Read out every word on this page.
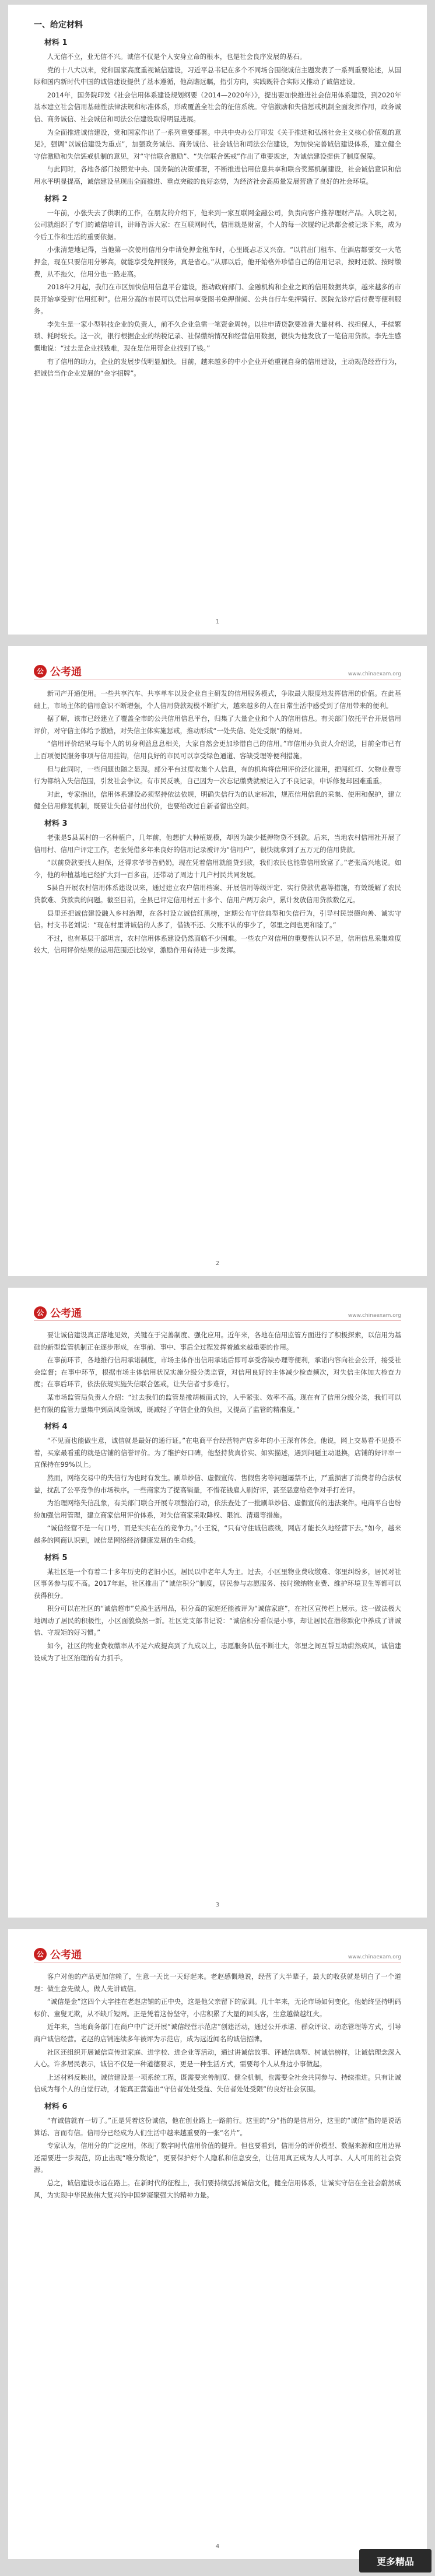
一、给定材料
材料 1

人无信不立，业无信不兴。诚信不仅是个人安身立命的根本，也是社会良序发展的基石。

党的十八大以来，党和国家高度重视诚信建设，习近平总书记在多个不同场合围绕诚信主题发表了一系列重要论述，从国际和国内新时代中国的诚信建设提供了基本遵循，他高瞻远瞩，指引方向，实践既符合实际又推动了诚信建设。

2014年，国务院印发《社会信用体系建设规划纲要（2014—2020年）》，提出要加快推进社会信用体系建设，到2020年基本建立社会信用基础性法律法规和标准体系，形成覆盖全社会的征信系统。守信激励和失信惩戒机制全面发挥作用，政务诚信、商务诚信、社会诚信和司法公信建设取得明显进展。

为全面推进诚信建设，党和国家作出了一系列重要部署。中共中央办公厅印发《关于推进和弘扬社会主义核心价值观的意见》，强调“以诚信建设为重点”，加强政务诚信、商务诚信、社会诚信和司法公信建设，为加快完善诚信建设体系，建立健全守信激励和失信惩戒机制的意见，对“守信联合激励”、“失信联合惩戒”作出了重要规定，为诚信建设提供了制度保障。

与此同时，各地各部门按照党中央、国务院的决策部署，不断推进信用信息共享和联合奖惩机制建设，社会诚信意识和信用水平明显提高，诚信建设呈现出全面推进、重点突破的良好态势，为经济社会高质量发展营造了良好的社会环境。

材料 2

一年前，小张失去了供职的工作，在朋友的介绍下，他来到一家互联网金融公司，负责向客户推荐理财产品。入职之初，公司就组织了专门的诚信培训，讲师告诉大家：在互联网时代，信用就是财富，个人的每一次履约记录都会被记录下来，成为今后工作和生活的重要依据。

小张清楚地记得，当他第一次使用信用分申请免押金租车时，心里既忐忑又兴奋。“以前出门租车、住酒店都要交一大笔押金，现在只要信用分够高，就能享受免押服务，真是省心。”从那以后，他开始格外珍惜自己的信用记录，按时还款、按时缴费，从不拖欠，信用分也一路走高。

2018年2月起，我们在市区加快信用信息平台建设，推动政府部门、金融机构和企业之间的信用数据共享，越来越多的市民开始享受到“信用红利”。信用分高的市民可以凭信用享受图书免押借阅、公共自行车免押骑行、医院先诊疗后付费等便利服务。

李先生是一家小型科技企业的负责人，前不久企业急需一笔资金周转。以往申请贷款要准备大量材料、找担保人，手续繁琐、耗时较长。这一次，银行根据企业的纳税记录、社保缴纳情况和经营信用数据，很快为他发放了一笔信用贷款。李先生感慨地说：“过去是企业找钱难，现在是信用帮企业找到了钱。”

有了信用的助力，企业的发展步伐明显加快。目前，越来越多的中小企业开始重视自身的信用建设，主动规范经营行为，把诚信当作企业发展的“金字招牌”。

1
公 公考通	www.chinaexam.org

新司产开通使用。一些共享汽车、共享单车以及企业自主研发的信用服务模式，争取最大限度地发挥信用的价值。在此基础上，市场主体的信用意识不断增强，个人信用贷款规模不断扩大，越来越多的人在日常生活中感受到了信用带来的便利。

据了解，该市已经建立了覆盖全市的公共信用信息平台，归集了大量企业和个人的信用信息。有关部门依托平台开展信用评价，对守信主体给予激励，对失信主体实施惩戒，推动形成“一处失信、处处受限”的格局。

“信用评价结果与每个人的切身利益息息相关，大家自然会更加珍惜自己的信用。”市信用办负责人介绍说，目前全市已有上百项便民服务事项与信用挂钩，信用良好的市民可以享受绿色通道、容缺受理等便利措施。

但与此同时，一些问题也随之显现。部分平台过度收集个人信息，有的机构将信用评价泛化滥用，把闯红灯、欠物业费等行为都纳入失信范围，引发社会争议。有市民反映，自己因为一次忘记缴费就被记入了不良记录，申诉修复却困难重重。

对此，专家指出，信用体系建设必须坚持依法依规，明确失信行为的认定标准，规范信用信息的采集、使用和保护，建立健全信用修复机制，既要让失信者付出代价，也要给改过自新者留出空间。

材料 3

老张是S县某村的一名种植户，几年前，他想扩大种植规模，却因为缺少抵押物贷不到款。后来，当地农村信用社开展了信用村、信用户评定工作，老张凭借多年来良好的信用记录被评为“信用户”，很快就拿到了五万元的信用贷款。

“以前贷款要找人担保，还得求爷爷告奶奶，现在凭着信用就能贷到款，我们农民也能靠信用致富了。”老张高兴地说。如今，他的种植基地已经扩大到一百多亩，还带动了周边十几户村民共同发展。

S县自开展农村信用体系建设以来，通过建立农户信用档案、开展信用等级评定、实行贷款优惠等措施，有效缓解了农民贷款难、贷款贵的问题。截至目前，全县已评定信用村五十多个、信用户两万余户，累计发放信用贷款数亿元。

县里还把诚信建设融入乡村治理，在各村设立诚信红黑榜，定期公布守信典型和失信行为，引导村民崇德向善、诚实守信。村支书老刘说：“现在村里讲诚信的人多了，借钱不还、欠账不认的事少了，邻里之间也更和睦了。”

不过，也有基层干部坦言，农村信用体系建设仍然面临不少困难。一些农户对信用的重要性认识不足，信用信息采集难度较大，信用评价结果的运用范围还比较窄，激励作用有待进一步发挥。

2
公 公考通	www.chinaexam.org

要让诚信建设真正落地见效，关键在于完善制度、强化应用。近年来，各地在信用监管方面进行了积极探索，以信用为基础的新型监管机制正在逐步形成，在事前、事中、事后全过程发挥着越来越重要的作用。

在事前环节，各地推行信用承诺制度，市场主体作出信用承诺后即可享受容缺办理等便利，承诺内容向社会公开，接受社会监督；在事中环节，根据市场主体信用状况实施分级分类监管，对信用良好的主体减少检查频次，对失信主体加大检查力度；在事后环节，依法依规实施失信联合惩戒，让失信者寸步难行。

某市场监管局负责人介绍：“过去我们的监管是撒胡椒面式的，人手紧张、效率不高。现在有了信用分级分类，我们可以把有限的监管力量集中到高风险领域，既减轻了守信企业的负担，又提高了监管的精准度。”

材料 4

“不见面也能做生意，诚信就是最好的通行证。”在电商平台经营特产店多年的小王深有体会。他说，网上交易看不见摸不着，买家最看重的就是店铺的信誉评价。为了维护好口碑，他坚持货真价实、如实描述，遇到问题主动退换，店铺的好评率一直保持在99%以上。

然而，网络交易中的失信行为也时有发生。刷单炒信、虚假宣传、售假售劣等问题屡禁不止，严重损害了消费者的合法权益，扰乱了公平竞争的市场秩序。一些商家为了提高销量，不惜花钱雇人刷好评，甚至恶意给竞争对手打差评。

为治理网络失信乱象，有关部门联合开展专项整治行动，依法查处了一批刷单炒信、虚假宣传的违法案件。电商平台也纷纷加强信用管理，建立商家信用评价体系，对失信商家采取降权、限流、清退等措施。

“诚信经营不是一句口号，而是实实在在的竞争力。”小王说，“只有守住诚信底线，网店才能长久地经营下去。”如今，越来越多的网商认识到，诚信是网络经济健康发展的生命线。

材料 5

某社区是一个有着二十多年历史的老旧小区，居民以中老年人为主。过去，小区里物业费收缴难、邻里纠纷多，居民对社区事务参与度不高。2017年起，社区推出了“诚信积分”制度，居民参与志愿服务、按时缴纳物业费、维护环境卫生等都可以获得积分。

积分可以在社区的“诚信超市”兑换生活用品，积分高的家庭还能被评为“诚信家庭”，在社区宣传栏上展示。这一做法极大地调动了居民的积极性，小区面貌焕然一新。社区党支部书记说：“诚信积分看似是小事，却让居民在潜移默化中养成了讲诚信、守规矩的好习惯。”

如今，社区的物业费收缴率从不足六成提高到了九成以上，志愿服务队伍不断壮大，邻里之间互帮互助蔚然成风，诚信建设成为了社区治理的有力抓手。

3
公 公考通	www.chinaexam.org

客户对他的产品更加信赖了，生意一天比一天好起来。老赵感慨地说，经营了大半辈子，最大的收获就是明白了一个道理：做生意先做人，做人先讲诚信。

“诚信是金”这四个大字挂在老赵店铺的正中央，这是他父亲留下的家训。几十年来，无论市场如何变化，他始终坚持明码标价、童叟无欺，从不缺斤短两。正是凭着这份坚守，小店积累了大量的回头客，生意越做越红火。

近年来，当地商务部门在商户中广泛开展“诚信经营示范店”创建活动，通过公开承诺、群众评议、动态管理等方式，引导商户诚信经营。老赵的店铺连续多年被评为示范店，成为远近闻名的诚信招牌。

社区还组织开展诚信宣传进家庭、进学校、进企业等活动，通过讲诚信故事、评诚信典型、树诚信榜样，让诚信理念深入人心。许多居民表示，诚信不仅是一种道德要求，更是一种生活方式，需要每个人从身边小事做起。

上述材料反映出，诚信建设是一项系统工程，既需要完善制度、健全机制，也需要全社会共同参与、持续推进。只有让诚信成为每个人的自觉行动，才能真正营造出“守信者处处受益、失信者处处受限”的良好社会氛围。

材料 6

“有诚信就有一切了。”正是凭着这份诚信，他在创业路上一路前行。这里的“分”指的是信用分，这里的“诚信”指的是说话算话、言而有信。信用分已经成为人们生活中越来越重要的一张“名片”。

专家认为，信用分的广泛应用，体现了数字时代信用价值的提升。但也要看到，信用分的评价模型、数据来源和应用边界还需要进一步规范，防止出现“唯分数论”，更要保护好个人隐私和信息安全，让信用真正成为人人可享、人人可用的社会资源。

总之，诚信建设永远在路上。在新时代的征程上，我们要持续弘扬诚信文化，健全信用体系，让诚实守信在全社会蔚然成风，为实现中华民族伟大复兴的中国梦凝聚强大的精神力量。

4
更多精品
